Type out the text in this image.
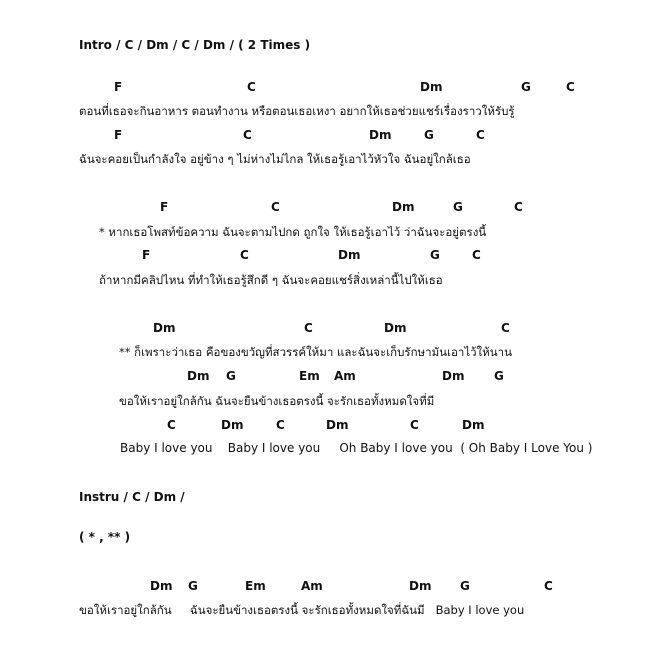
Intro / C / Dm / C / Dm / ( 2 Times )
F	C	Dm	G	C
ตอนที่เธอจะกินอาหาร ตอนทำงาน หรือตอนเธอเหงา อยากให้เธอช่วยแชร์เรื่องราวให้รับรู้
F	C	Dm	G	C
ฉันจะคอยเป็นกำลังใจ อยู่ข้าง ๆ ไม่ห่างไม่ไกล ให้เธอรู้เอาไว้หัวใจ ฉันอยู่ใกล้เธอ
F	C	Dm	G	C
* หากเธอโพสท์ข้อความ ฉันจะตามไปกด ถูกใจ ให้เธอรู้เอาไว้ ว่าฉันจะอยู่ตรงนี้
F	C	Dm	G	C
ถ้าหากมีคลิปไหน ที่ทำให้เธอรู้สึกดี ๆ ฉันจะคอยแชร์สิ่งเหล่านี้ไปให้เธอ
Dm	C	Dm	C
** ก็เพราะว่าเธอ คือของขวัญที่สวรรค์ให้มา และฉันจะเก็บรักษามันเอาไว้ให้นาน
Dm G	Em Am	Dm G
ขอให้เราอยู่ใกล้กัน ฉันจะยืนข้างเธอตรงนี้ จะรักเธอทั้งหมดใจที่มี
C	Dm	C	Dm	C	Dm
Baby I love you    Baby I love you     Oh Baby I love you  ( Oh Baby I Love You )
Instru / C / Dm /
( * , ** )
Dm G	Em	Am	Dm G	C
ขอให้เราอยู่ใกล้กัน     ฉันจะยืนข้างเธอตรงนี้ จะรักเธอทั้งหมดใจที่ฉันมี   Baby I love you
